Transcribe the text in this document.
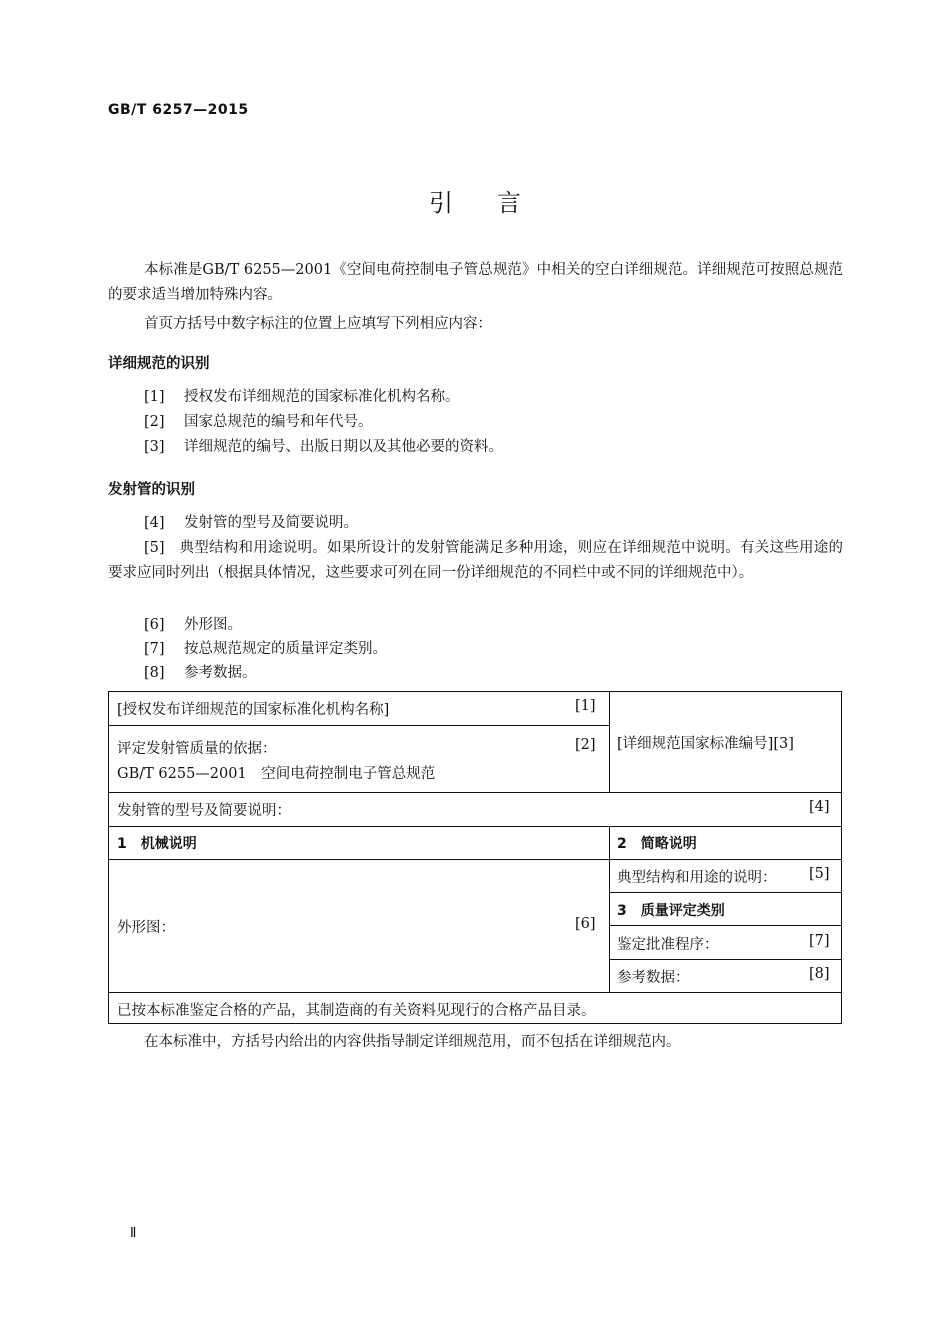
GB/T 6257—2015
引言
本标准是GB/T 6255—2001《空间电荷控制电子管总规范》中相关的空白详细规范。详细规范可按照总规范的要求适当增加特殊内容。
首页方括号中数字标注的位置上应填写下列相应内容：
详细规范的识别
[1] 授权发布详细规范的国家标准化机构名称。
[2] 国家总规范的编号和年代号。
[3] 详细规范的编号、出版日期以及其他必要的资料。
发射管的识别
[4] 发射管的型号及简要说明。
[5]　 典型结构和用途说明。如果所设计的发射管能满足多种用途，则应在详细规范中说明。有关这些用途的要求应同时列出（根据具体情况，这些要求可列在同一份详细规范的不同栏中或不同的详细规范中）。
[6] 外形图。
[7] 按总规范规定的质量评定类别。
[8] 参考数据。
[授权发布详细规范的国家标准化机构名称]	[1]
评定发射管质量的依据：	[2]
GB/T 6255—2001　空间电荷控制电子管总规范
[详细规范国家标准编号][3]
发射管的型号及简要说明：	[4]
1　机械说明	2　简略说明
典型结构和用途的说明： [5]
3　质量评定类别
鉴定批准程序：	[7]
参考数据：	[8]
外形图：	[6]
已按本标准鉴定合格的产品，其制造商的有关资料见现行的合格产品目录。
在本标准中，方括号内给出的内容供指导制定详细规范用，而不包括在详细规范内。
Ⅱ
